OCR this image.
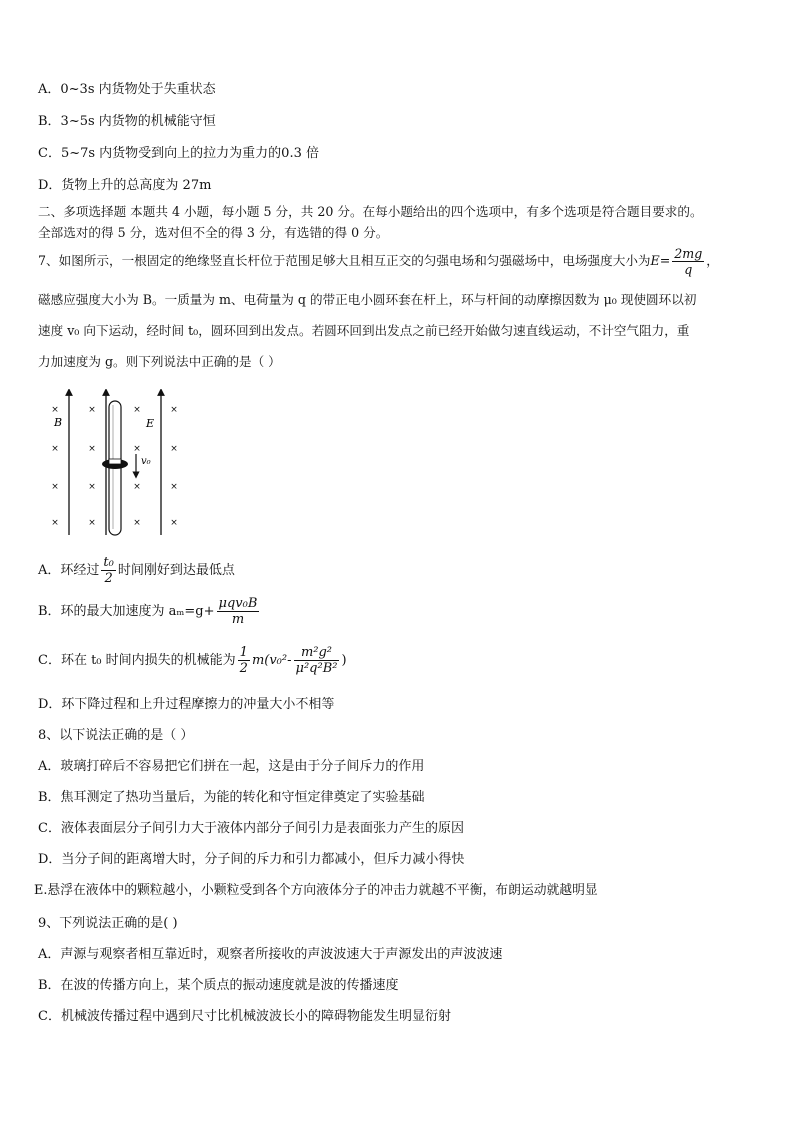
A．0~3s 内货物处于失重状态
B．3~5s 内货物的机械能守恒
C．5~7s 内货物受到向上的拉力为重力的0.3 倍
D．货物上升的总高度为 27m
二、多项选择题 本题共 4 小题，每小题 5 分，共 20 分。在每小题给出的四个选项中，有多个选项是符合题目要求的。
全部选对的得 5 分，选对但不全的得 3 分，有选错的得 0 分。
7、如图所示，一根固定的绝缘竖直长杆位于范围足够大且相互正交的匀强电场和匀强磁场中，电场强度大小为$E= \frac{2mg}{q}$ ，
磁感应强度大小为 B。一质量为 m、电荷量为 q 的带正电小圆环套在杆上，环与杆间的动摩擦因数为 μ₀ 现使圆环以初
速度 v₀ 向下运动，经时间 t₀，圆环回到出发点。若圆环回到出发点之前已经开始做匀速直线运动，不计空气阻力，重
力加速度为 g。则下列说法中正确的是（ ）
×	×	×	×
×	×	×	×
×	×	×	×
×	×	×	×
v₀
B	E
A．环经过 $\frac{\text{t₀}}{2}$ 时间刚好到达最低点
B．环的最大加速度为 $a_m=g+ \frac{\text{μqv₀B}}{m}$
C．环在 t₀ 时间内损失的机械能为 $\frac{1}{2} m(v_0^2- \frac{\text{m²g²}}{\text{μ²q²B²}}$ )
D．环下降过程和上升过程摩擦力的冲量大小不相等
8、以下说法正确的是（ ）
A．玻璃打碎后不容易把它们拼在一起，这是由于分子间斥力的作用
B．焦耳测定了热功当量后，为能的转化和守恒定律奠定了实验基础
C．液体表面层分子间引力大于液体内部分子间引力是表面张力产生的原因
D．当分子间的距离增大时，分子间的斥力和引力都减小，但斥力减小得快
E.悬浮在液体中的颗粒越小，小颗粒受到各个方向液体分子的冲击力就越不平衡，布朗运动就越明显
9、下列说法正确的是( )
A．声源与观察者相互靠近时，观察者所接收的声波波速大于声源发出的声波波速
B．在波的传播方向上，某个质点的振动速度就是波的传播速度
C．机械波传播过程中遇到尺寸比机械波波长小的障碍物能发生明显衍射
